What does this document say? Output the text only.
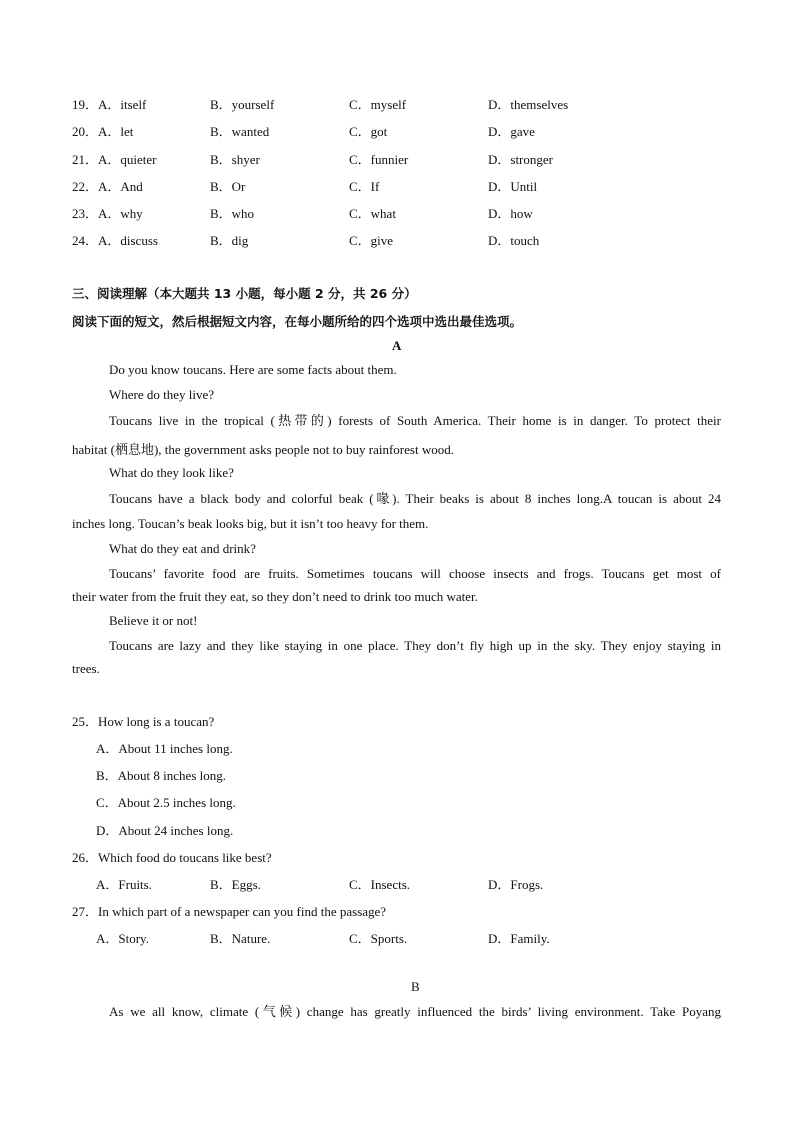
19． A．itself	B．yourself	C．myself	D．themselves
20． A．let	B．wanted	C．got	D．gave
21． A．quieter	B．shyer	C．funnier	D．stronger
22． A．And	B．Or	C．If	D．Until
23． A．why	B．who	C．what	D．how
24． A．discuss	B．dig	C．give	D．touch
三、阅读理解（本大题共 13 小题，每小题 2 分，共 26 分）
阅读下面的短文，然后根据短文内容，在每小题所给的四个选项中选出最佳选项。
A
Do you know toucans. Here are some facts about them.
Where do they live?
Toucans live in the tropical (热带的) forests of South America. Their home is in danger. To protect their
habitat (栖息地), the government asks people not to buy rainforest wood.
What do they look like?
Toucans have a black body and colorful beak (喙). Their beaks is about 8 inches long.A toucan is about 24
inches long. Toucan’s beak looks big, but it isn’t too heavy for them.
What do they eat and drink?
Toucans’ favorite food are fruits. Sometimes toucans will choose insects and frogs. Toucans get most of
their water from the fruit they eat, so they don’t need to drink too much water.
Believe it or not!
Toucans are lazy and they like staying in one place. They don’t fly high up in the sky. They enjoy staying in
trees.
25．How long is a toucan?
A．About 11 inches long.
B．About 8 inches long.
C．About 2.5 inches long.
D．About 24 inches long.
26．Which food do toucans like best?
A．Fruits.	B．Eggs.	C．Insects.	D．Frogs.
27．In which part of a newspaper can you find the passage?
A．Story.	B．Nature.	C．Sports.	D．Family.
B
As we all know, climate (气候) change has greatly influenced the birds’ living environment. Take Poyang
